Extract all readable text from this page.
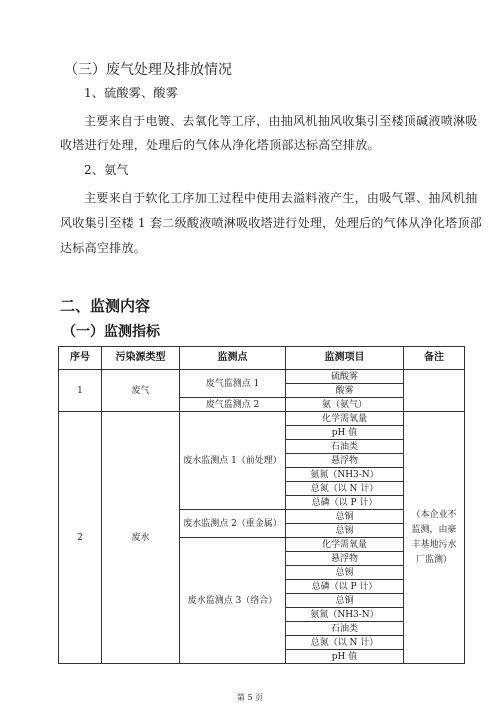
（三）废气处理及排放情况
1、硫酸雾、酸雾
主要来自于电镀、去氧化等工序，由抽风机抽风收集引至楼顶碱液喷淋吸
收塔进行处理，处理后的气体从净化塔顶部达标高空排放。
2、氨气
主要来自于软化工序加工过程中使用去溢料液产生，由吸气罩、抽风机抽
风收集引至楼 1 套二级酸液喷淋吸收塔进行处理，处理后的气体从净化塔顶部
达标高空排放。
二、监测内容
（一）监测指标
序号	污染源类型	监测点	监测项目	备注
1	废气	废气监测点 1	硫酸雾	
			酸雾	
		废气监测点 2	氨（氨气）	
2	废水	废水监测点 1（前处理）	化学需氧量	（本企业不监测，由豪丰基地污水厂监测）
			pH 值	
			石油类	
			悬浮物	
			氨氮（NH3-N）	
			总氮（以 N 计）	
			总磷（以 P 计）	
		废水监测点 2（重金属）	总铜	
			总锡	
		废水监测点 3（络合）	化学需氧量	
			悬浮物	
			总锡	
			总磷（以 P 计）	
			总铜	
			氨氮（NH3-N）	
			石油类	
			总氮（以 N 计）	
			pH 值	
第 5 页
